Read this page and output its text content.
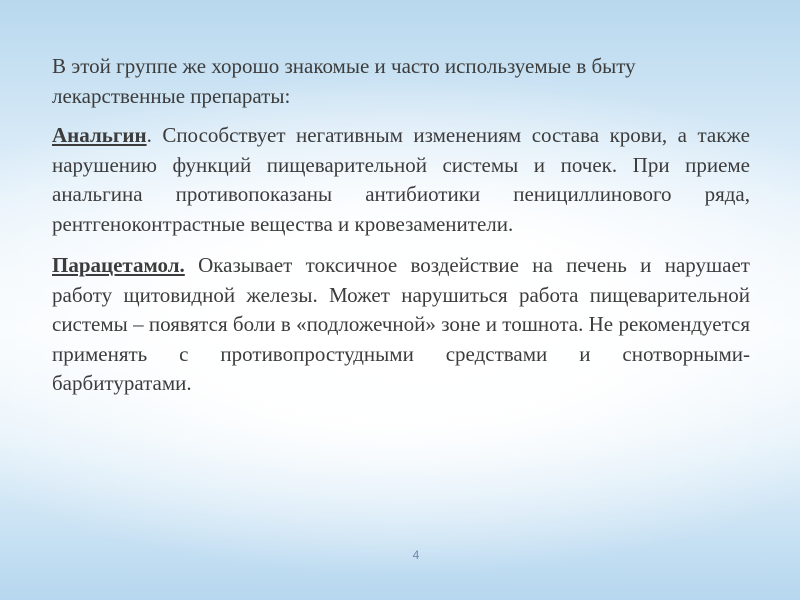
В этой группе же хорошо знакомые и часто используемые в быту лекарственные препараты:

Анальгин. Способствует негативным изменениям состава крови, а также нарушению функций пищеварительной системы и почек. При приеме анальгина противопоказаны антибиотики пенициллинового ряда, рентгеноконтрастные вещества и кровезаменители.

Парацетамол. Оказывает токсичное воздействие на печень и нарушает работу щитовидной железы. Может нарушиться работа пищеварительной системы – появятся боли в «подложечной» зоне и тошнота. Не рекомендуется применять с противопростудными средствами и снотворными-барбитуратами.

4
